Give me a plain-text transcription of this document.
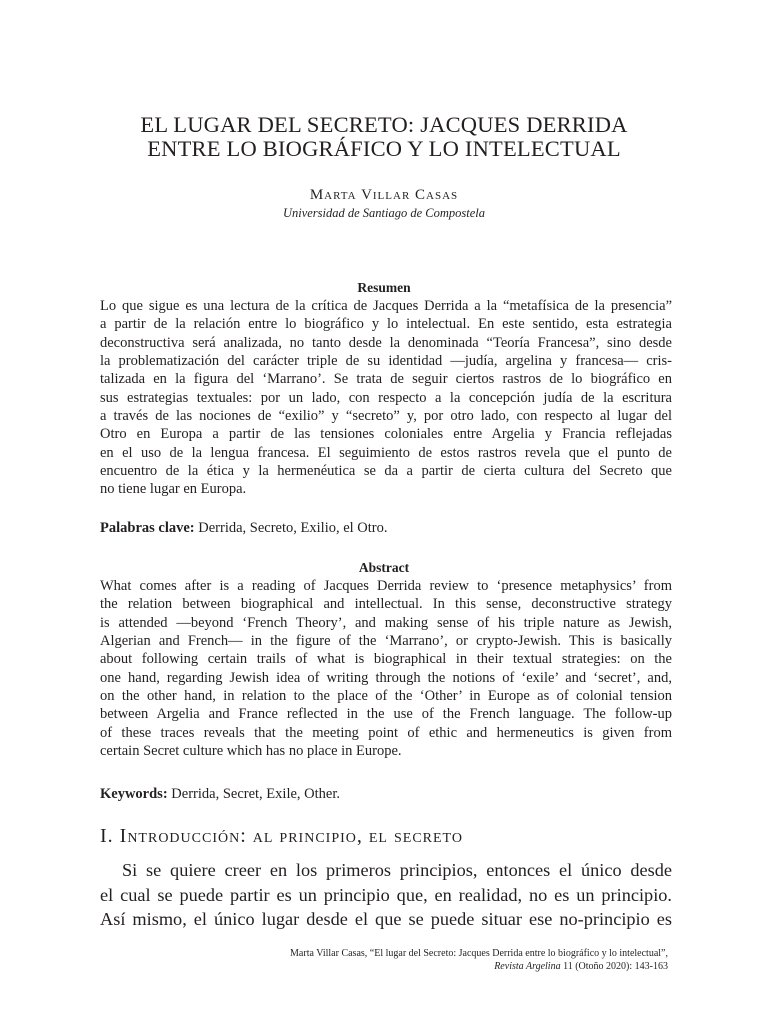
EL LUGAR DEL SECRETO: JACQUES DERRIDA
ENTRE LO BIOGRÁFICO Y LO INTELECTUAL
Marta Villar Casas
Universidad de Santiago de Compostela
Resumen
Lo que sigue es una lectura de la crítica de Jacques Derrida a la “metafísica de la presencia”
a partir de la relación entre lo biográfico y lo intelectual. En este sentido, esta estrategia
deconstructiva será analizada, no tanto desde la denominada “Teoría Francesa”, sino desde
la problematización del carácter triple de su identidad —judía, argelina y francesa— cris-
talizada en la figura del ‘Marrano’. Se trata de seguir ciertos rastros de lo biográfico en
sus estrategias textuales: por un lado, con respecto a la concepción judía de la escritura
a través de las nociones de “exilio” y “secreto” y, por otro lado, con respecto al lugar del
Otro en Europa a partir de las tensiones coloniales entre Argelia y Francia reflejadas
en el uso de la lengua francesa. El seguimiento de estos rastros revela que el punto de
encuentro de la ética y la hermenéutica se da a partir de cierta cultura del Secreto que
no tiene lugar en Europa.
Palabras clave: Derrida, Secreto, Exilio, el Otro.
Abstract
What comes after is a reading of Jacques Derrida review to ‘presence metaphysics’ from
the relation between biographical and intellectual. In this sense, deconstructive strategy
is attended —beyond ‘French Theory’, and making sense of his triple nature as Jewish,
Algerian and French— in the figure of the ‘Marrano’, or crypto-Jewish. This is basically
about following certain trails of what is biographical in their textual strategies: on the
one hand, regarding Jewish idea of writing through the notions of ‘exile’ and ‘secret’, and,
on the other hand, in relation to the place of the ‘Other’ in Europe as of colonial tension
between Argelia and France reflected in the use of the French language. The follow-up
of these traces reveals that the meeting point of ethic and hermeneutics is given from
certain Secret culture which has no place in Europe.
Keywords: Derrida, Secret, Exile, Other.
I. Introducción: al principio, el secreto
Si se quiere creer en los primeros principios, entonces el único desde
el cual se puede partir es un principio que, en realidad, no es un principio.
Así mismo, el único lugar desde el que se puede situar ese no-principio es
Marta Villar Casas, “El lugar del Secreto: Jacques Derrida entre lo biográfico y lo intelectual”,
Revista Argelina 11 (Otoño 2020): 143-163
